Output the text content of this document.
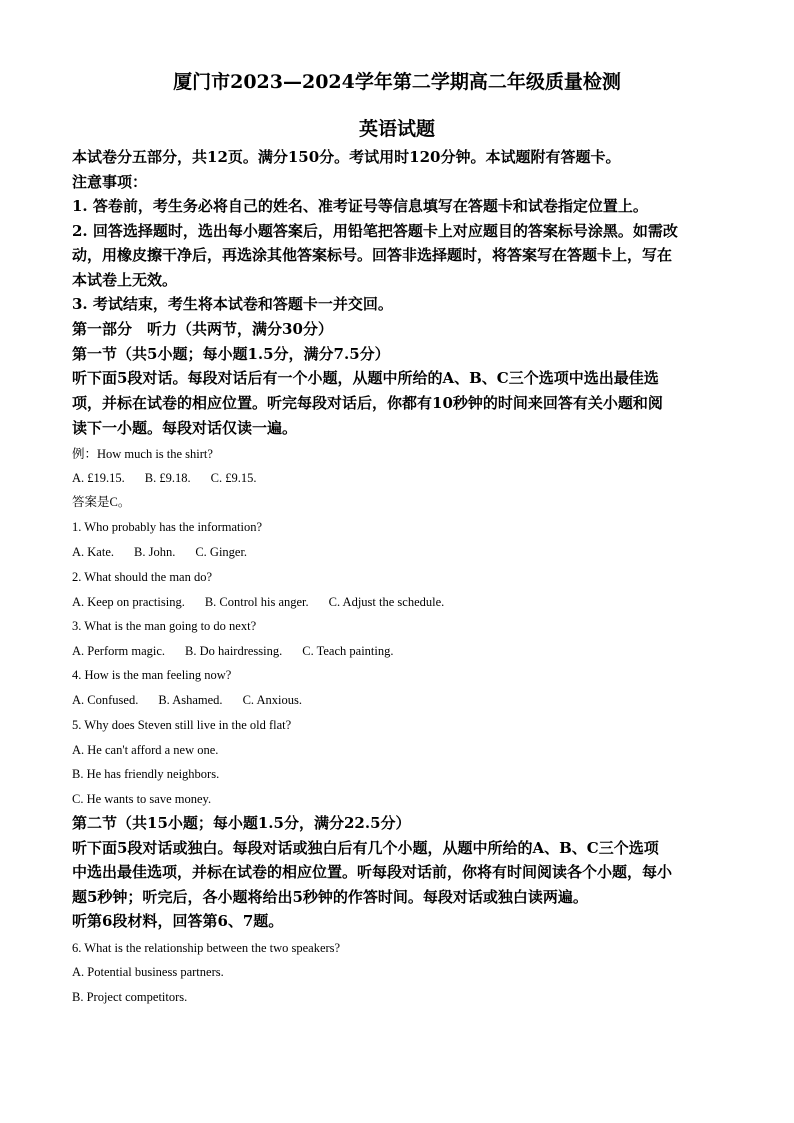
厦门市2023—2024学年第二学期高二年级质量检测
英语试题
本试卷分五部分，共12页。满分150分。考试用时120分钟。本试题附有答题卡。
注意事项：
1. 答卷前，考生务必将自己的姓名、准考证号等信息填写在答题卡和试卷指定位置上。
2. 回答选择题时，选出每小题答案后，用铅笔把答题卡上对应题目的答案标号涂黑。如需改
动，用橡皮擦干净后，再选涂其他答案标号。回答非选择题时，将答案写在答题卡上，写在
本试卷上无效。
3. 考试结束，考生将本试卷和答题卡一并交回。
第一部分　听力（共两节，满分30分）
第一节（共5小题；每小题1.5分，满分7.5分）
听下面5段对话。每段对话后有一个小题，从题中所给的A、B、C三个选项中选出最佳选
项，并标在试卷的相应位置。听完每段对话后，你都有10秒钟的时间来回答有关小题和阅
读下一小题。每段对话仅读一遍。
例：How much is the shirt?
A. £19.15. B. £9.18. C. £9.15.
答案是C。
1. Who probably has the information?
A. Kate. B. John. C. Ginger.
2. What should the man do?
A. Keep on practising. B. Control his anger. C. Adjust the schedule.
3. What is the man going to do next?
A. Perform magic. B. Do hairdressing. C. Teach painting.
4. How is the man feeling now?
A. Confused. B. Ashamed. C. Anxious.
5. Why does Steven still live in the old flat?
A. He can't afford a new one.
B. He has friendly neighbors.
C. He wants to save money.
第二节（共15小题；每小题1.5分，满分22.5分）
听下面5段对话或独白。每段对话或独白后有几个小题，从题中所给的A、B、C三个选项
中选出最佳选项，并标在试卷的相应位置。听每段对话前，你将有时间阅读各个小题，每小
题5秒钟；听完后，各小题将给出5秒钟的作答时间。每段对话或独白读两遍。
听第6段材料，回答第6、7题。
6. What is the relationship between the two speakers?
A. Potential business partners.
B. Project competitors.
